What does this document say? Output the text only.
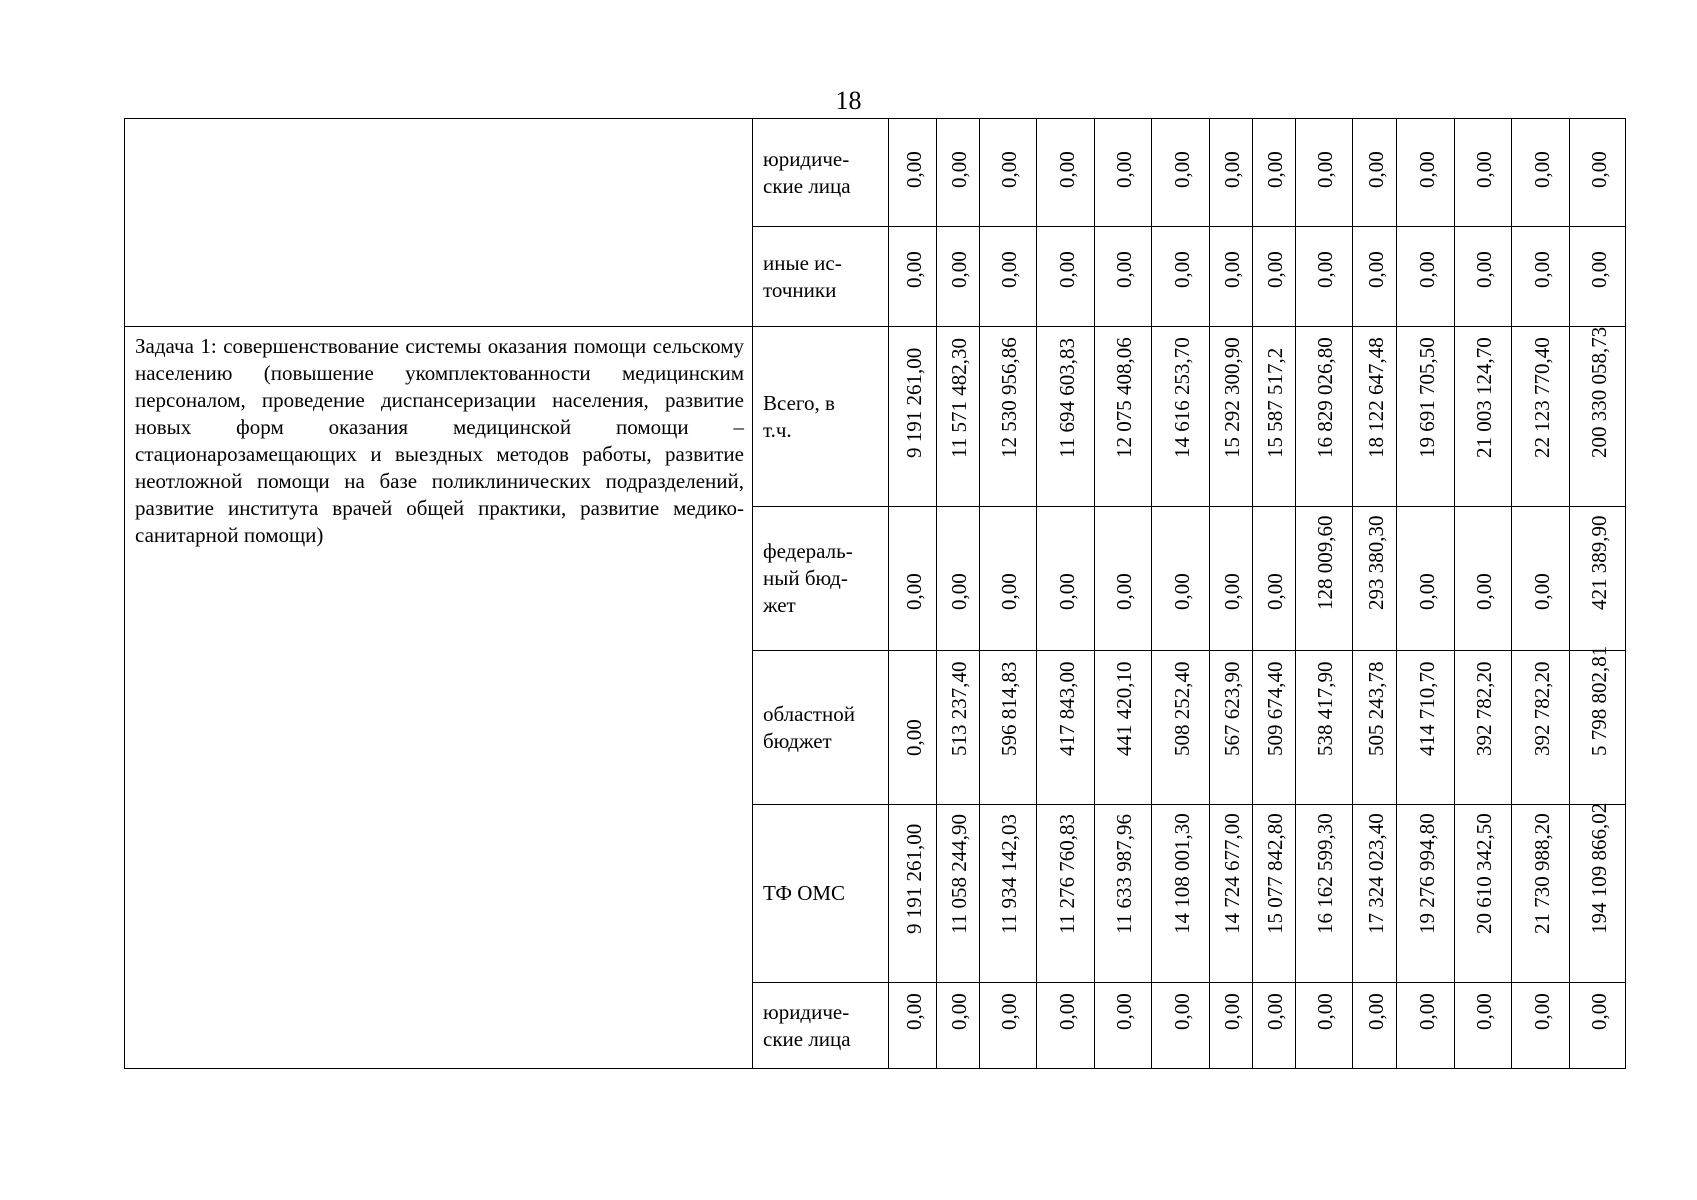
18
	юридиче-
ские лица	0,00	0,00	0,00	0,00	0,00	0,00	0,00	0,00	0,00	0,00	0,00	0,00	0,00	0,00

	иные ис-
точники	0,00	0,00	0,00	0,00	0,00	0,00	0,00	0,00	0,00	0,00	0,00	0,00	0,00	0,00

Задача 1: совершенствование системы оказания помощи сельскому населению (повышение укомплектованности медицинским персоналом, проведение диспансеризации населения, развитие новых форм оказания медицинской помощи – стационарозамещающих и выездных методов работы, развитие неотложной помощи на базе поликлинических подразделений, развитие института врачей общей практики, развитие медико-санитарной помощи)	Всего, в
т.ч.	9 191 261,00	11 571 482,30	12 530 956,86	11 694 603,83	12 075 408,06	14 616 253,70	15 292 300,90	15 587 517,2	16 829 026,80	18 122 647,48	19 691 705,50	21 003 124,70	22 123 770,40	200 330 058,73

	федераль-
ный бюд-
жет	0,00	0,00	0,00	0,00	0,00	0,00	0,00	0,00	128 009,60	293 380,30	0,00	0,00	0,00	421 389,90

	областной
бюджет	0,00	513 237,40	596 814,83	417 843,00	441 420,10	508 252,40	567 623,90	509 674,40	538 417,90	505 243,78	414 710,70	392 782,20	392 782,20	5 798 802,81

	ТФ ОМС	9 191 261,00	11 058 244,90	11 934 142,03	11 276 760,83	11 633 987,96	14 108 001,30	14 724 677,00	15 077 842,80	16 162 599,30	17 324 023,40	19 276 994,80	20 610 342,50	21 730 988,20	194 109 866,02

	юридиче-
ские лица	0,00	0,00	0,00	0,00	0,00	0,00	0,00	0,00	0,00	0,00	0,00	0,00	0,00	0,00
